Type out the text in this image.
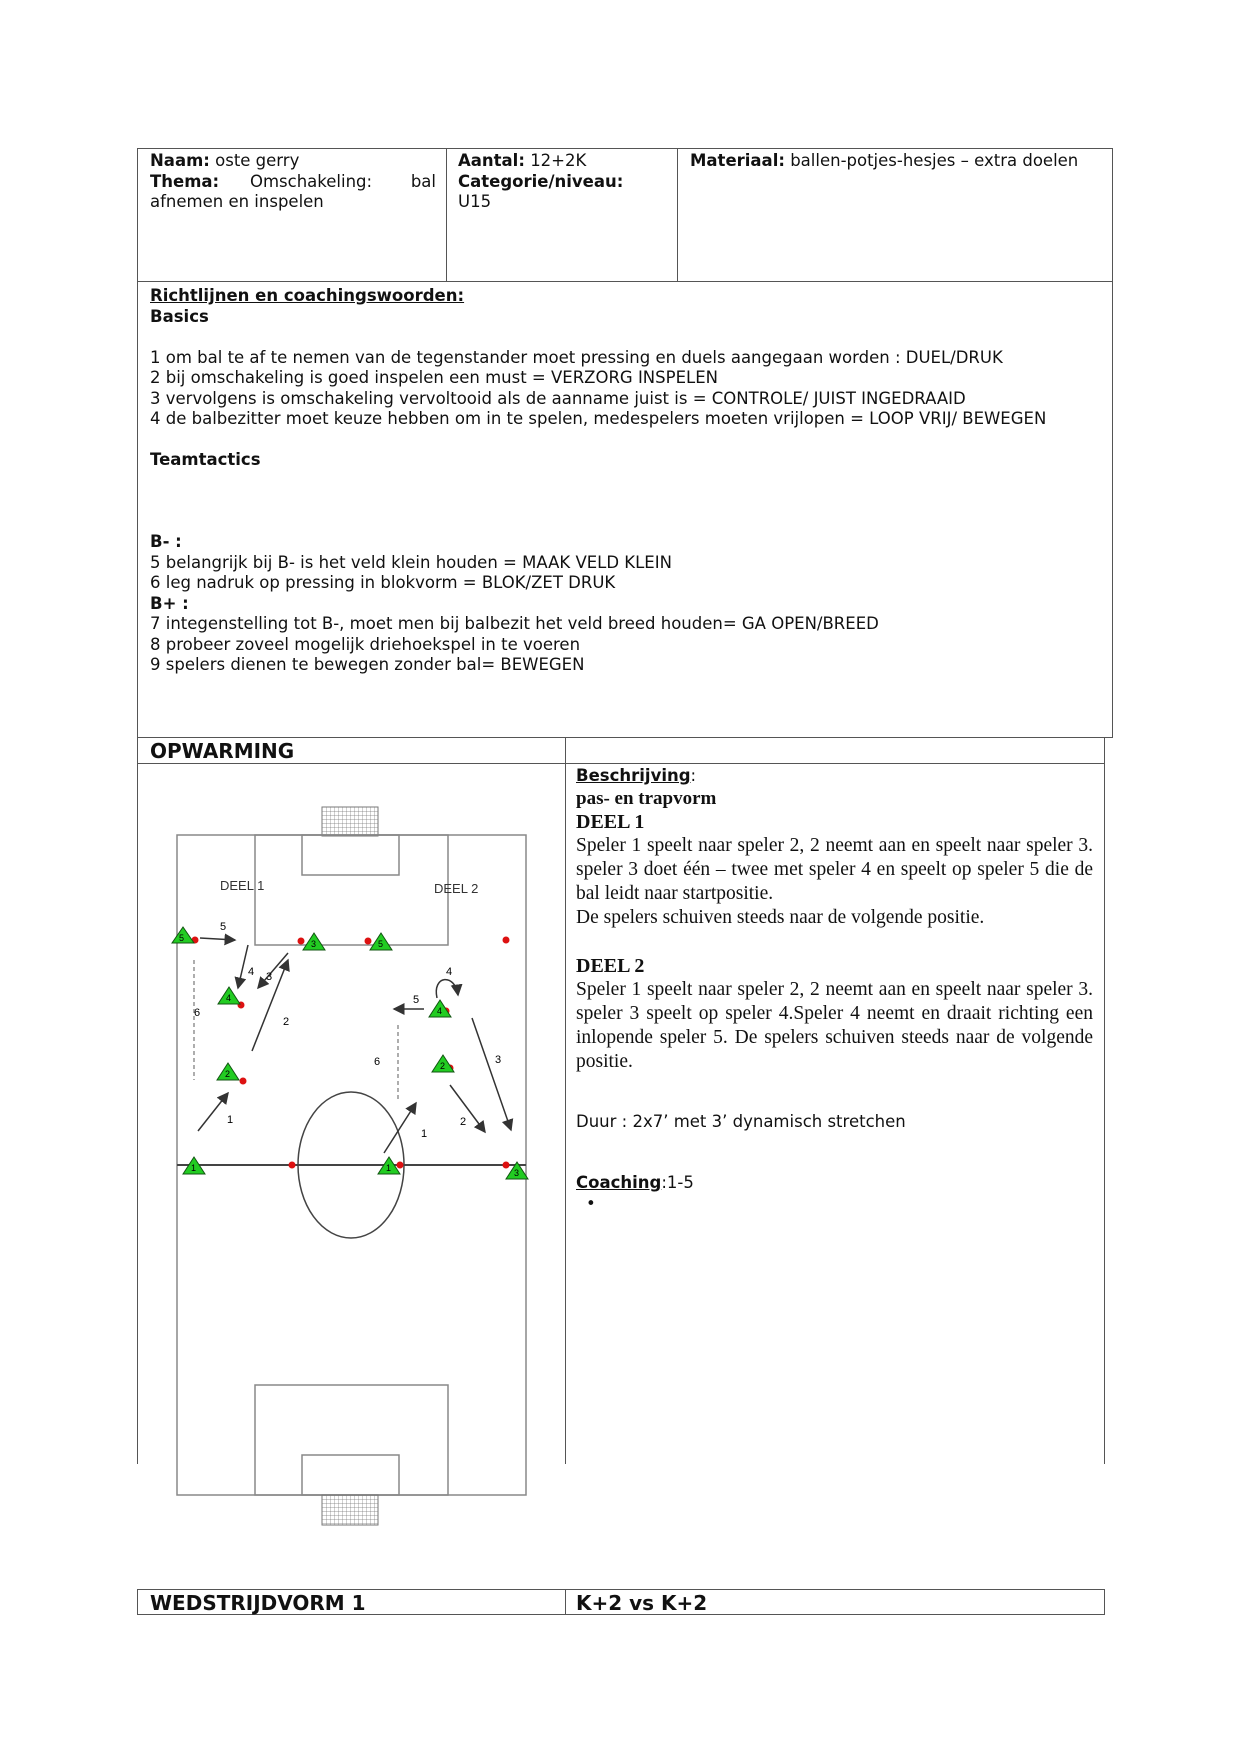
Naam: oste gerry

Thema:	Omschakeling:	bal

afnemen en inspelen

Aantal: 12+2K

Categorie/niveau:

U15

Materiaal: ballen-potjes-hesjes – extra doelen

Richtlijnen en coachingswoorden:

Basics

1 om bal te af te nemen van de tegenstander moet pressing en duels aangegaan worden : DUEL/DRUK

2 bij omschakeling is goed inspelen een must = VERZORG INSPELEN

3 vervolgens is omschakeling vervoltooid als de aanname juist is = CONTROLE/ JUIST INGEDRAAID

4 de balbezitter moet keuze hebben om in te spelen, medespelers moeten vrijlopen = LOOP VRIJ/ BEWEGEN

Teamtactics

B- :

5 belangrijk bij B- is het veld klein houden = MAAK VELD KLEIN

6 leg nadruk op pressing in blokvorm = BLOK/ZET DRUK

B+ :

7 integenstelling tot B-, moet men bij balbezit het veld breed houden= GA OPEN/BREED

8 probeer zoveel mogelijk driehoekspel in te voeren

9 spelers dienen te bewegen zonder bal= BEWEGEN

OPWARMING

Beschrijving:

pas- en trapvorm

DEEL 1

Speler 1 speelt naar speler 2, 2 neemt aan en speelt naar speler 3. speler 3 doet één – twee met speler 4 en speelt op speler 5 die de bal leidt naar startpositie.

De spelers schuiven steeds naar de volgende positie.

DEEL 2

Speler 1 speelt naar speler 2, 2 neemt aan en speelt naar speler 3. speler 3 speelt op speler 4.Speler 4 neemt en draait richting een inlopende speler 5. De spelers schuiven steeds naar de volgende positie.

Duur : 2x7’ met 3’ dynamisch stretchen

Coaching:1-5

•

WEDSTRIJDVORM 1	K+2 vs K+2
DEEL 1	DEEL 2
5
4 3
2
1
6
4
5
3
6
1
2
5
4
2
1
3	5
4
2
1	3
